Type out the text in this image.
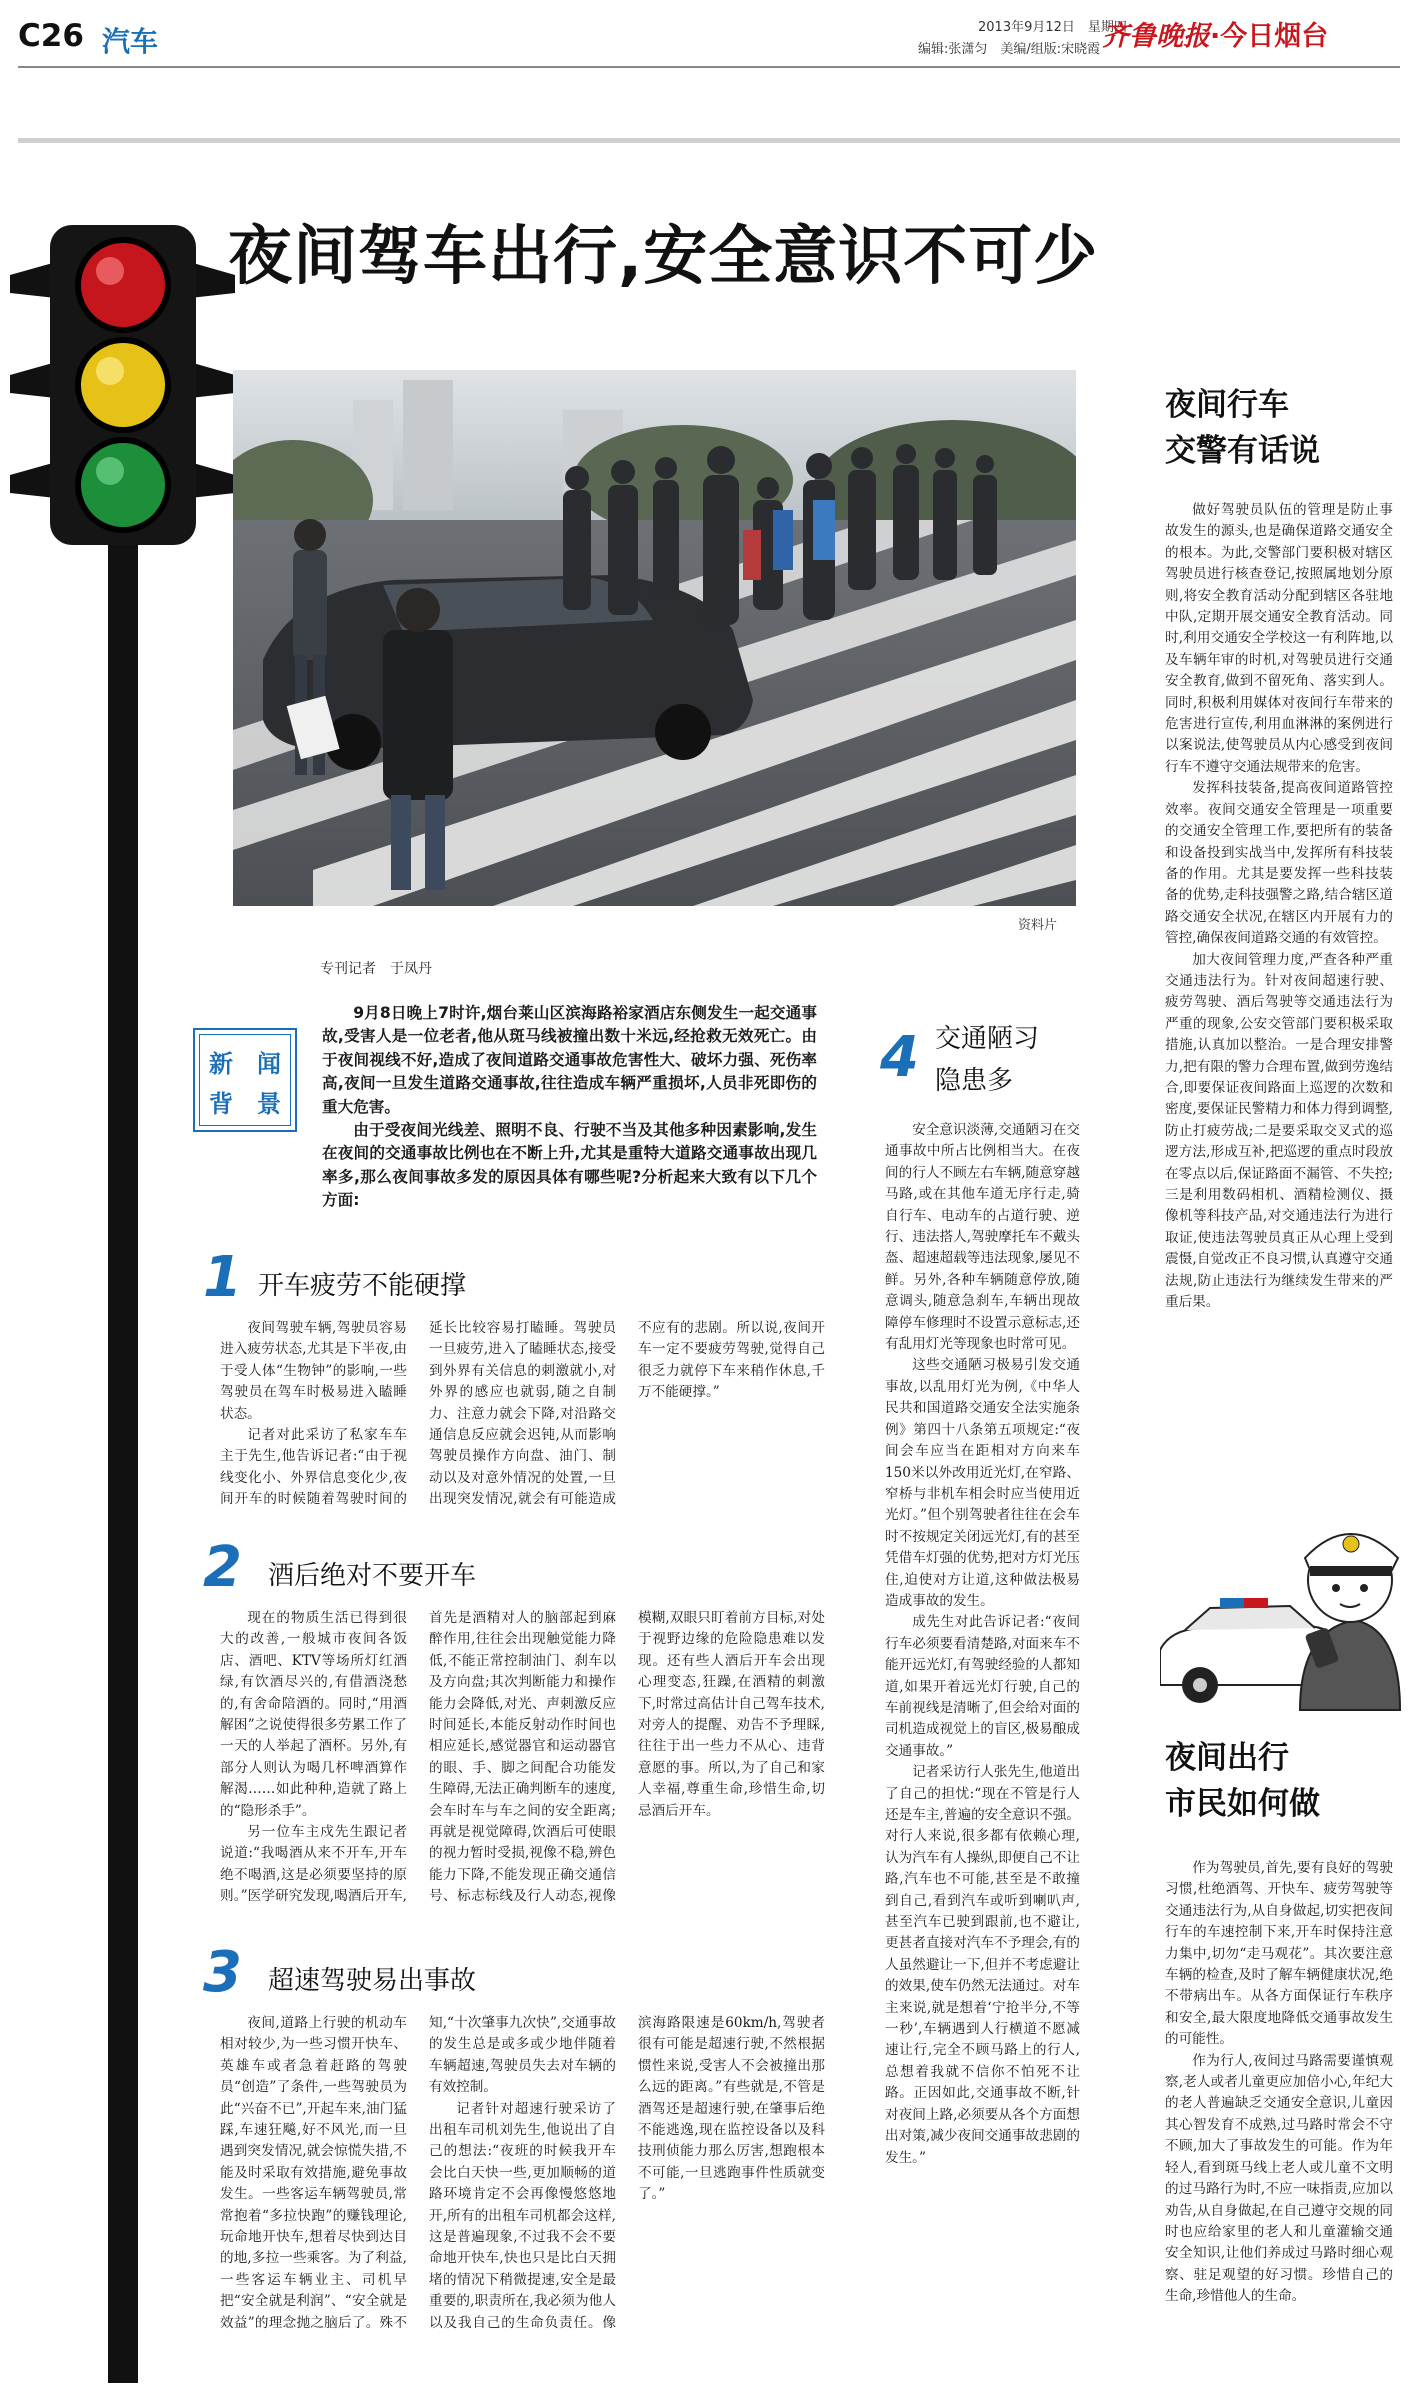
C26 汽车	2013年9月12日　星期四
编辑:张潇匀　美编/组版:宋晓霞 齐鲁晚报·今日烟台
夜间驾车出行,安全意识不可少
资料片
专刊记者　于凤丹
新　闻
背　景

9月8日晚上7时许,烟台莱山区滨海路裕家酒店东侧发生一起交通事故,受害人是一位老者,他从斑马线被撞出数十米远,经抢救无效死亡。由于夜间视线不好,造成了夜间道路交通事故危害性大、破坏力强、死伤率高,夜间一旦发生道路交通事故,往往造成车辆严重损坏,人员非死即伤的重大危害。

由于受夜间光线差、照明不良、行驶不当及其他多种因素影响,发生在夜间的交通事故比例也在不断上升,尤其是重特大道路交通事故出现几率多,那么夜间事故多发的原因具体有哪些呢?分析起来大致有以下几个方面:

1 开车疲劳不能硬撑

夜间驾驶车辆,驾驶员容易进入疲劳状态,尤其是下半夜,由于受人体“生物钟”的影响,一些驾驶员在驾车时极易进入瞌睡状态。

记者对此采访了私家车车主于先生,他告诉记者:“由于视线变化小、外界信息变化少,夜间开车的时候随着驾驶时间的延长比较容易打瞌睡。驾驶员一旦疲劳,进入了瞌睡状态,接受到外界有关信息的刺激就小,对外界的感应也就弱,随之自制力、注意力就会下降,对沿路交通信息反应就会迟钝,从而影响驾驶员操作方向盘、油门、制动以及对意外情况的处置,一旦出现突发情况,就会有可能造成不应有的悲剧。所以说,夜间开车一定不要疲劳驾驶,觉得自己很乏力就停下车来稍作休息,千万不能硬撑。”

2 酒后绝对不要开车

现在的物质生活已得到很大的改善,一般城市夜间各饭店、酒吧、KTV等场所灯红酒绿,有饮酒尽兴的,有借酒浇愁的,有舍命陪酒的。同时,“用酒解困”之说使得很多劳累工作了一天的人举起了酒杯。另外,有部分人则认为喝几杯啤酒算作解渴……如此种种,造就了路上的“隐形杀手”。

另一位车主戍先生跟记者说道:“我喝酒从来不开车,开车绝不喝酒,这是必须要坚持的原则。”医学研究发现,喝酒后开车,首先是酒精对人的脑部起到麻醉作用,往往会出现触觉能力降低,不能正常控制油门、刹车以及方向盘;其次判断能力和操作能力会降低,对光、声刺激反应时间延长,本能反射动作时间也相应延长,感觉器官和运动器官的眼、手、脚之间配合功能发生障碍,无法正确判断车的速度,会车时车与车之间的安全距离;再就是视觉障碍,饮酒后可使眼的视力暂时受损,视像不稳,辨色能力下降,不能发现正确交通信号、标志标线及行人动态,视像模糊,双眼只盯着前方目标,对处于视野边缘的危险隐患难以发现。还有些人酒后开车会出现心理变态,狂躁,在酒精的刺激下,时常过高估计自己驾车技术,对旁人的提醒、劝告不予理睬,往往于出一些力不从心、违背意愿的事。所以,为了自己和家人幸福,尊重生命,珍惜生命,切忌酒后开车。

3 超速驾驶易出事故

夜间,道路上行驶的机动车相对较少,为一些习惯开快车、英雄车或者急着赶路的驾驶员“创造”了条件,一些驾驶员为此“兴奋不已”,开起车来,油门猛踩,车速狂飚,好不风光,而一旦遇到突发情况,就会惊慌失措,不能及时采取有效措施,避免事故发生。一些客运车辆驾驶员,常常抱着“多拉快跑”的赚钱理论,玩命地开快车,想着尽快到达目的地,多拉一些乘客。为了利益,一些客运车辆业主、司机早把“安全就是利润”、“安全就是效益”的理念抛之脑后了。殊不知,“十次肇事九次快”,交通事故的发生总是或多或少地伴随着车辆超速,驾驶员失去对车辆的有效控制。

记者针对超速行驶采访了出租车司机刘先生,他说出了自己的想法:“夜班的时候我开车会比白天快一些,更加顺畅的道路环境肯定不会再像慢悠悠地开,所有的出租车司机都会这样,这是普遍现象,不过我不会不要命地开快车,快也只是比白天拥堵的情况下稍微提速,安全是最重要的,职责所在,我必须为他人以及我自己的生命负责任。像滨海路限速是60km/h,驾驶者很有可能是超速行驶,不然根据惯性来说,受害人不会被撞出那么远的距离。”有些就是,不管是酒驾还是超速行驶,在肇事后绝不能逃逸,现在监控设备以及科技刑侦能力那么厉害,想跑根本不可能,一旦逃跑事件性质就变了。”

4 交通陋习
隐患多

安全意识淡薄,交通陋习在交通事故中所占比例相当大。在夜间的行人不顾左右车辆,随意穿越马路,或在其他车道无序行走,骑自行车、电动车的占道行驶、逆行、违法搭人,驾驶摩托车不戴头盔、超速超载等违法现象,屡见不鲜。另外,各种车辆随意停放,随意调头,随意急刹车,车辆出现故障停车修理时不设置示意标志,还有乱用灯光等现象也时常可见。

这些交通陋习极易引发交通事故,以乱用灯光为例,《中华人民共和国道路交通安全法实施条例》第四十八条第五项规定:“夜间会车应当在距相对方向来车150米以外改用近光灯,在窄路、窄桥与非机车相会时应当使用近光灯。”但个别驾驶者往往在会车时不按规定关闭远光灯,有的甚至凭借车灯强的优势,把对方灯光压住,迫使对方让道,这种做法极易造成事故的发生。

成先生对此告诉记者:“夜间行车必须要看清楚路,对面来车不能开远光灯,有驾驶经验的人都知道,如果开着远光灯行驶,自己的车前视线是清晰了,但会给对面的司机造成视觉上的盲区,极易酿成交通事故。”

记者采访行人张先生,他道出了自己的担忧:“现在不管是行人还是车主,普遍的安全意识不强。对行人来说,很多都有依赖心理,认为汽车有人操纵,即便自己不让路,汽车也不可能,甚至是不敢撞到自己,看到汽车或听到喇叭声,甚至汽车已驶到跟前,也不避让,更甚者直接对汽车不予理会,有的人虽然避让一下,但并不考虑避让的效果,使车仍然无法通过。对车主来说,就是想着‘宁抢半分,不等一秒’,车辆遇到人行横道不愿减速让行,完全不顾马路上的行人,总想着我就不信你不怕死不让路。正因如此,交通事故不断,针对夜间上路,必须要从各个方面想出对策,减少夜间交通事故悲剧的发生。”

夜间行车
交警有话说

做好驾驶员队伍的管理是防止事故发生的源头,也是确保道路交通安全的根本。为此,交警部门要积极对辖区驾驶员进行核查登记,按照属地划分原则,将安全教育活动分配到辖区各驻地中队,定期开展交通安全教育活动。同时,利用交通安全学校这一有利阵地,以及车辆年审的时机,对驾驶员进行交通安全教育,做到不留死角、落实到人。同时,积极利用媒体对夜间行车带来的危害进行宣传,利用血淋淋的案例进行以案说法,使驾驶员从内心感受到夜间行车不遵守交通法规带来的危害。

发挥科技装备,提高夜间道路管控效率。夜间交通安全管理是一项重要的交通安全管理工作,要把所有的装备和设备投到实战当中,发挥所有科技装备的作用。尤其是要发挥一些科技装备的优势,走科技强警之路,结合辖区道路交通安全状况,在辖区内开展有力的管控,确保夜间道路交通的有效管控。

加大夜间管理力度,严查各种严重交通违法行为。针对夜间超速行驶、疲劳驾驶、酒后驾驶等交通违法行为严重的现象,公安交管部门要积极采取措施,认真加以整治。一是合理安排警力,把有限的警力合理布置,做到劳逸结合,即要保证夜间路面上巡逻的次数和密度,要保证民警精力和体力得到调整,防止打疲劳战;二是要采取交叉式的巡逻方法,形成互补,把巡逻的重点时段放在零点以后,保证路面不漏管、不失控;三是利用数码相机、酒精检测仪、摄像机等科技产品,对交通违法行为进行取证,使违法驾驶员真正从心理上受到震慑,自觉改正不良习惯,认真遵守交通法规,防止违法行为继续发生带来的严重后果。

夜间出行
市民如何做

作为驾驶员,首先,要有良好的驾驶习惯,杜绝酒驾、开快车、疲劳驾驶等交通违法行为,从自身做起,切实把夜间行车的车速控制下来,开车时保持注意力集中,切勿“走马观花”。其次要注意车辆的检查,及时了解车辆健康状况,绝不带病出车。从各方面保证行车秩序和安全,最大限度地降低交通事故发生的可能性。

作为行人,夜间过马路需要谨慎观察,老人或者儿童更应加倍小心,年纪大的老人普遍缺乏交通安全意识,儿童因其心智发育不成熟,过马路时常会不守不顾,加大了事故发生的可能。作为年轻人,看到斑马线上老人或儿童不文明的过马路行为时,不应一味指责,应加以劝告,从自身做起,在自己遵守交规的同时也应给家里的老人和儿童灌输交通安全知识,让他们养成过马路时细心观察、驻足观望的好习惯。珍惜自己的生命,珍惜他人的生命。
